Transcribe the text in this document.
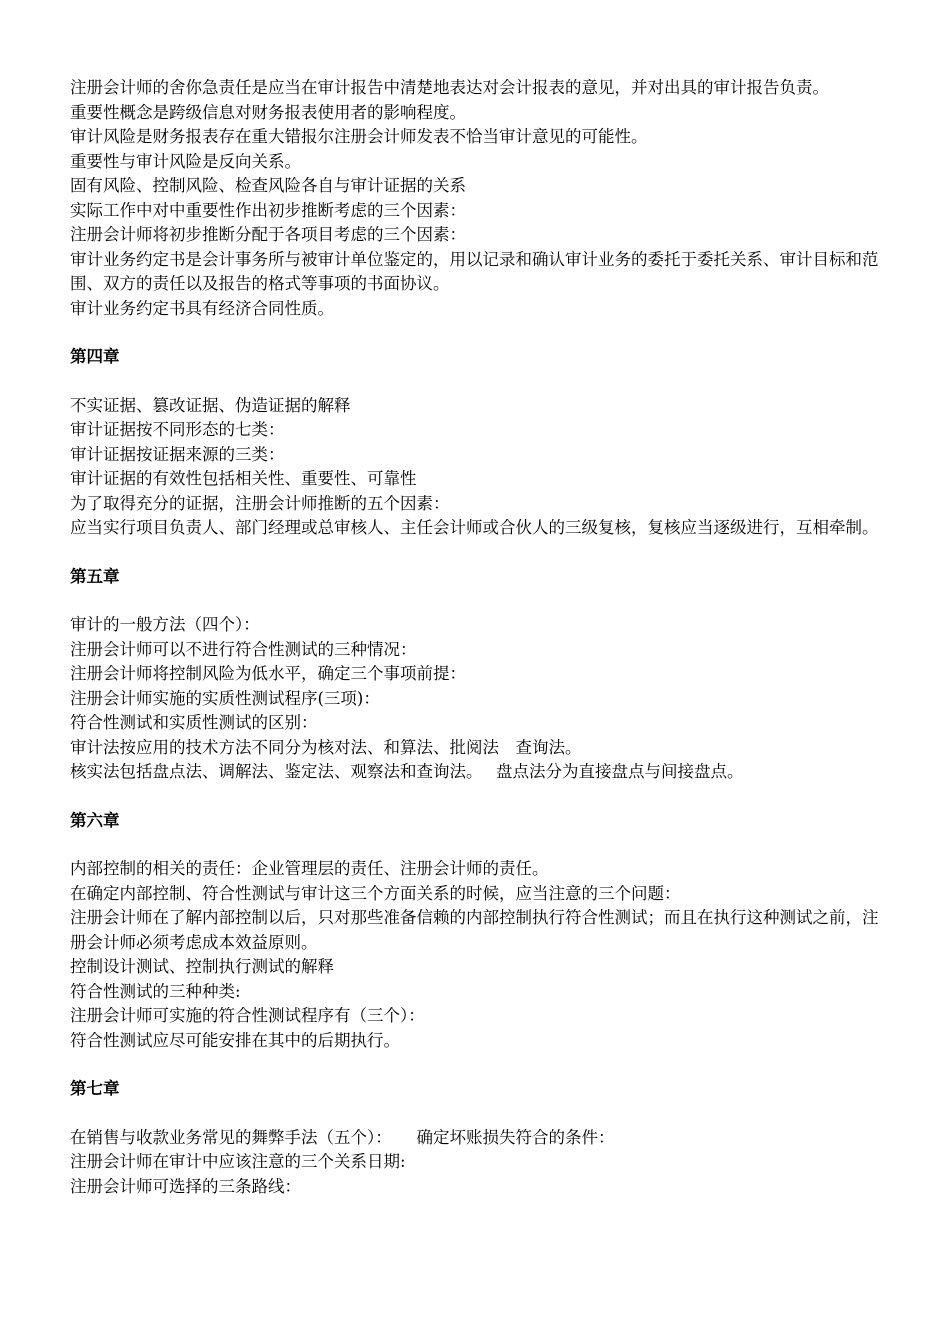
注册会计师的舍你急责任是应当在审计报告中清楚地表达对会计报表的意见，并对出具的审计报告负责。

重要性概念是跨级信息对财务报表使用者的影响程度。

审计风险是财务报表存在重大错报尔注册会计师发表不恰当审计意见的可能性。

重要性与审计风险是反向关系。

固有风险、控制风险、检查风险各自与审计证据的关系

实际工作中对中重要性作出初步推断考虑的三个因素：

注册会计师将初步推断分配于各项目考虑的三个因素：

审计业务约定书是会计事务所与被审计单位鉴定的，用以记录和确认审计业务的委托于委托关系、审计目标和范围、双方的责任以及报告的格式等事项的书面协议。

审计业务约定书具有经济合同性质。

第四章

不实证据、篡改证据、伪造证据的解释

审计证据按不同形态的七类：

审计证据按证据来源的三类：

审计证据的有效性包括相关性、重要性、可靠性

为了取得充分的证据，注册会计师推断的五个因素：

应当实行项目负责人、部门经理或总审核人、主任会计师或合伙人的三级复核，复核应当逐级进行，互相牵制。

第五章

审计的一般方法（四个）：

注册会计师可以不进行符合性测试的三种情况：

注册会计师将控制风险为低水平，确定三个事项前提：

注册会计师实施的实质性测试程序(三项)：

符合性测试和实质性测试的区别：

审计法按应用的技术方法不同分为核对法、和算法、批阅法　查询法。

核实法包括盘点法、调解法、鉴定法、观察法和查询法。　 盘点法分为直接盘点与间接盘点。

第六章

内部控制的相关的责任：企业管理层的责任、注册会计师的责任。

在确定内部控制、符合性测试与审计这三个方面关系的时候，应当注意的三个问题：

注册会计师在了解内部控制以后，只对那些准备信赖的内部控制执行符合性测试；而且在执行这种测试之前，注册会计师必须考虑成本效益原则。

控制设计测试、控制执行测试的解释

符合性测试的三种种类:

注册会计师可实施的符合性测试程序有（三个）：

符合性测试应尽可能安排在其中的后期执行。

第七章

在销售与收款业务常见的舞弊手法（五个）：　　确定坏账损失符合的条件：

注册会计师在审计中应该注意的三个关系日期:

注册会计师可选择的三条路线：
